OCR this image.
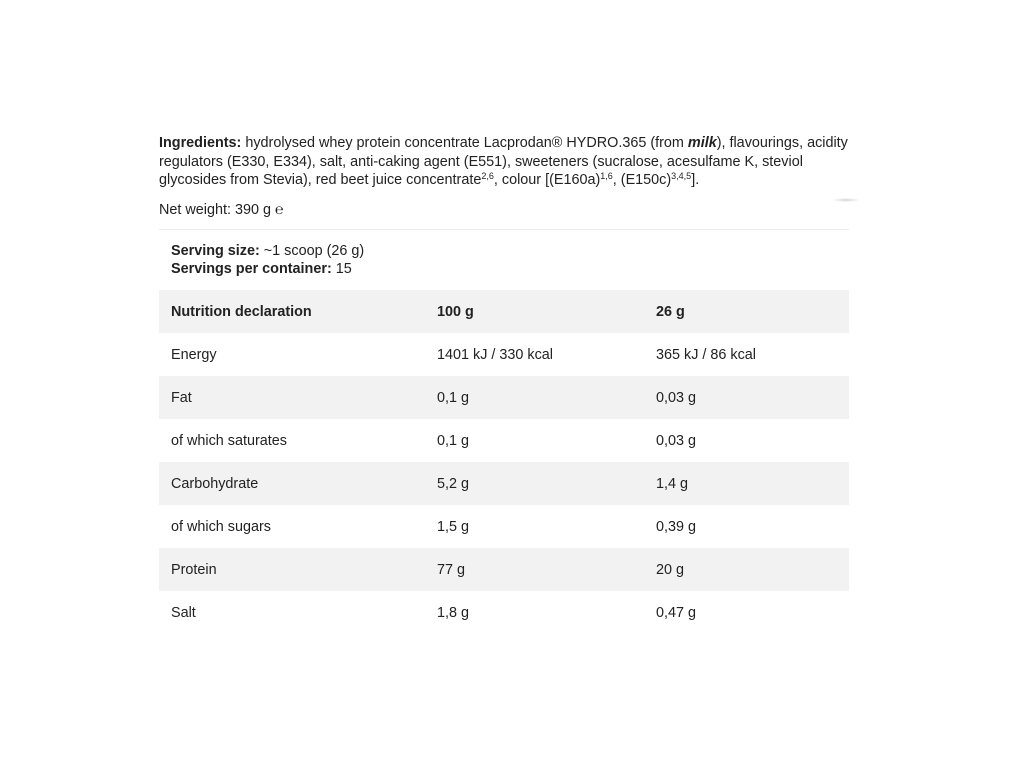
Ingredients: hydrolysed whey protein concentrate Lacprodan® HYDRO.365 (from milk), flavourings, acidity regulators (E330, E334), salt, anti-caking agent (E551), sweeteners (sucralose, acesulfame K, steviol glycosides from Stevia), red beet juice concentrate$^{2,6}$, colour [$(E160a)^{1,6}$, $(E150c)^{3,4,5}$].
Net weight: 390 g ℮
Serving size: ~1 scoop (26 g)
Servings per container: 15
Nutrition declaration	100 g	26 g
Energy	1401 kJ / 330 kcal	365 kJ / 86 kcal
Fat	0,1 g	0,03 g
of which saturates	0,1 g	0,03 g
Carbohydrate	5,2 g	1,4 g
of which sugars	1,5 g	0,39 g
Protein	77 g	20 g
Salt	1,8 g	0,47 g
